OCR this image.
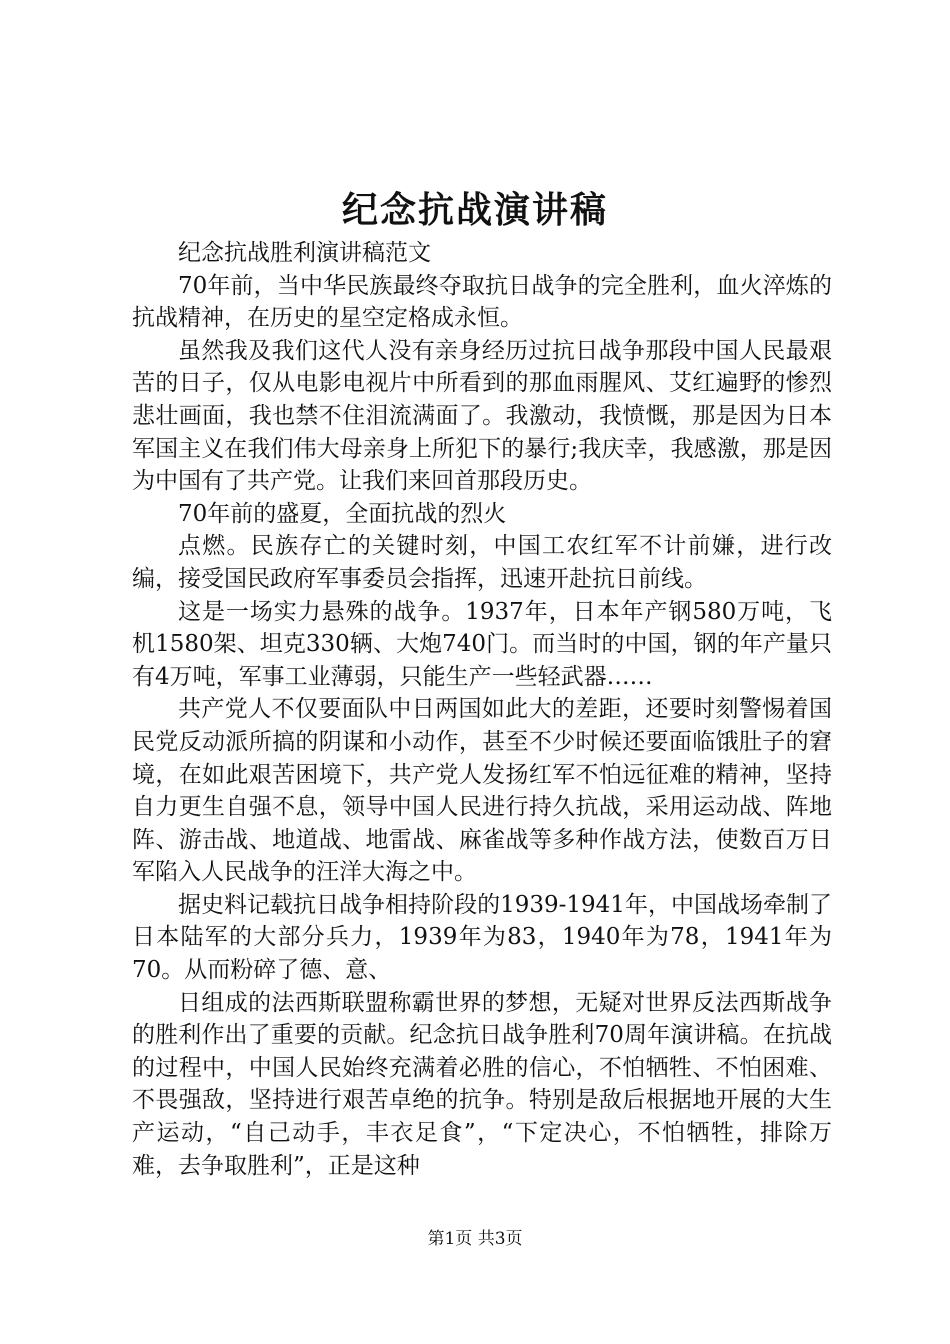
纪念抗战演讲稿

纪念抗战胜利演讲稿范文

70年前，当中华民族最终夺取抗日战争的完全胜利，血火淬炼的抗战精神，在历史的星空定格成永恒。

虽然我及我们这代人没有亲身经历过抗日战争那段中国人民最艰苦的日子，仅从电影电视片中所看到的那血雨腥风、艾红遍野的惨烈悲壮画面，我也禁不住泪流满面了。我激动，我愤慨，那是因为日本军国主义在我们伟大母亲身上所犯下的暴行;我庆幸，我感激，那是因为中国有了共产党。让我们来回首那段历史。

70年前的盛夏，全面抗战的烈火

点燃。民族存亡的关键时刻，中国工农红军不计前嫌，进行改编，接受国民政府军事委员会指挥，迅速开赴抗日前线。

这是一场实力悬殊的战争。1937年，日本年产钢580万吨，飞机1580架、坦克330辆、大炮740门。而当时的中国，钢的年产量只有4万吨，军事工业薄弱，只能生产一些轻武器……

共产党人不仅要面队中日两国如此大的差距，还要时刻警惕着国民党反动派所搞的阴谋和小动作，甚至不少时候还要面临饿肚子的窘境，在如此艰苦困境下，共产党人发扬红军不怕远征难的精神，坚持自力更生自强不息，领导中国人民进行持久抗战，采用运动战、阵地阵、游击战、地道战、地雷战、麻雀战等多种作战方法，使数百万日军陷入人民战争的汪洋大海之中。

据史料记载抗日战争相持阶段的1939-1941年，中国战场牵制了日本陆军的大部分兵力，1939年为83，1940年为78，1941年为70。从而粉碎了德、意、

日组成的法西斯联盟称霸世界的梦想，无疑对世界反法西斯战争的胜利作出了重要的贡献。纪念抗日战争胜利70周年演讲稿。在抗战的过程中，中国人民始终充满着必胜的信心，不怕牺牲、不怕困难、不畏强敌，坚持进行艰苦卓绝的抗争。特别是敌后根据地开展的大生产运动，“自己动手，丰衣足食”，“下定决心，不怕牺牲，排除万难，去争取胜利”，正是这种

第1页 共3页
